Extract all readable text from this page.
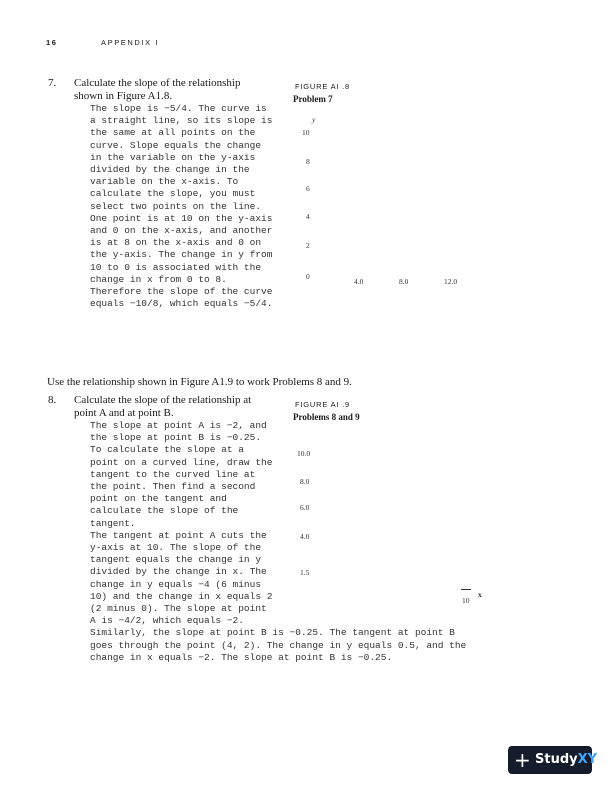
16	APPENDIX I
7. Calculate the slope of the relationship
shown in Figure A1.8.
The slope is −5/4. The curve is
a straight line, so its slope is
the same at all points on the
curve. Slope equals the change
in the variable on the y-axis
divided by the change in the
variable on the x-axis. To
calculate the slope, you must
select two points on the line.
One point is at 10 on the y-axis
and 0 on the x-axis, and another
is at 8 on the x-axis and 0 on
the y-axis. The change in y from
10 to 0 is associated with the
change in x from 0 to 8.
Therefore the slope of the curve
equals −10/8, which equals −5/4.
FIGURE AI .8
Problem 7
y
10
8
6
4
2
0
4.0	8.0	12.0
Use the relationship shown in Figure A1.9 to work Problems 8 and 9.
8. Calculate the slope of the relationship at
point A and at point B.
The slope at point A is −2, and
the slope at point B is −0.25.
To calculate the slope at a
point on a curved line, draw the
tangent to the curved line at
the point. Then find a second
point on the tangent and
calculate the slope of the
tangent.
The tangent at point A cuts the
y-axis at 10. The slope of the
tangent equals the change in y
divided by the change in x. The
change in y equals −4 (6 minus
10) and the change in x equals 2
(2 minus 0). The slope at point
A is −4/2, which equals −2.
Similarly, the slope at point B is −0.25. The tangent at point B
goes through the point (4, 2). The change in y equals 0.5, and the
change in x equals −2. The slope at point B is −0.25.
FIGURE AI .9
Problems 8 and 9
10.0
8.0
6.0
4.0
1.5
10
x
+ StudyXY
